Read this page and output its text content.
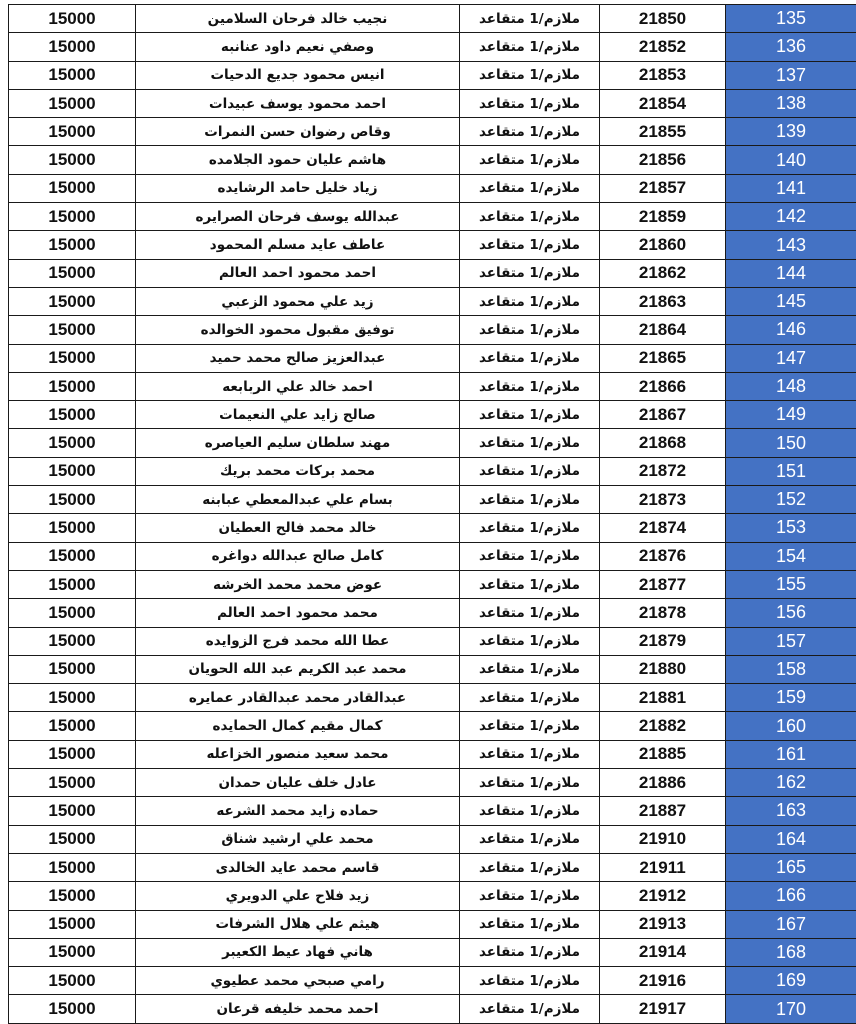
15000	نجيب خالد فرحان السلامين	ملازم/1 متقاعد	21850	135
15000	وصفي نعيم داود عنانبه	ملازم/1 متقاعد	21852	136
15000	انيس محمود جديع الدحيات	ملازم/1 متقاعد	21853	137
15000	احمد محمود يوسف عبيدات	ملازم/1 متقاعد	21854	138
15000	وقاص رضوان حسن النمرات	ملازم/1 متقاعد	21855	139
15000	هاشم عليان حمود الجلامده	ملازم/1 متقاعد	21856	140
15000	زياد خليل حامد الرشايده	ملازم/1 متقاعد	21857	141
15000	عبدالله يوسف فرحان الصرايره	ملازم/1 متقاعد	21859	142
15000	عاطف عايد مسلم المحمود	ملازم/1 متقاعد	21860	143
15000	احمد محمود احمد العالم	ملازم/1 متقاعد	21862	144
15000	زيد علي محمود الزعبي	ملازم/1 متقاعد	21863	145
15000	توفيق مقبول محمود الخوالده	ملازم/1 متقاعد	21864	146
15000	عبدالعزيز صالح محمد حميد	ملازم/1 متقاعد	21865	147
15000	احمد خالد علي الربابعه	ملازم/1 متقاعد	21866	148
15000	صالح زايد علي النعيمات	ملازم/1 متقاعد	21867	149
15000	مهند سلطان سليم العياصره	ملازم/1 متقاعد	21868	150
15000	محمد بركات محمد بريك	ملازم/1 متقاعد	21872	151
15000	بسام علي عبدالمعطي عبابنه	ملازم/1 متقاعد	21873	152
15000	خالد محمد فالح العطيان	ملازم/1 متقاعد	21874	153
15000	كامل صالح عبدالله دواغره	ملازم/1 متقاعد	21876	154
15000	عوض محمد محمد الخرشه	ملازم/1 متقاعد	21877	155
15000	محمد محمود احمد العالم	ملازم/1 متقاعد	21878	156
15000	عطا الله محمد فرج الزوايده	ملازم/1 متقاعد	21879	157
15000	محمد عبد الكريم عبد الله الحويان	ملازم/1 متقاعد	21880	158
15000	عبدالقادر محمد عبدالقادر عمايره	ملازم/1 متقاعد	21881	159
15000	كمال مقيم كمال الحمايده	ملازم/1 متقاعد	21882	160
15000	محمد سعيد منصور الخزاعله	ملازم/1 متقاعد	21885	161
15000	عادل خلف عليان حمدان	ملازم/1 متقاعد	21886	162
15000	حماده زايد محمد الشرعه	ملازم/1 متقاعد	21887	163
15000	محمد علي ارشيد شناق	ملازم/1 متقاعد	21910	164
15000	قاسم محمد عايد الخالدى	ملازم/1 متقاعد	21911	165
15000	زيد فلاح علي الدويري	ملازم/1 متقاعد	21912	166
15000	هيثم علي هلال الشرفات	ملازم/1 متقاعد	21913	167
15000	هاني فهاد عيط الكعيبر	ملازم/1 متقاعد	21914	168
15000	رامي صبحي محمد عطيوي	ملازم/1 متقاعد	21916	169
15000	احمد محمد خليفه قرعان	ملازم/1 متقاعد	21917	170
